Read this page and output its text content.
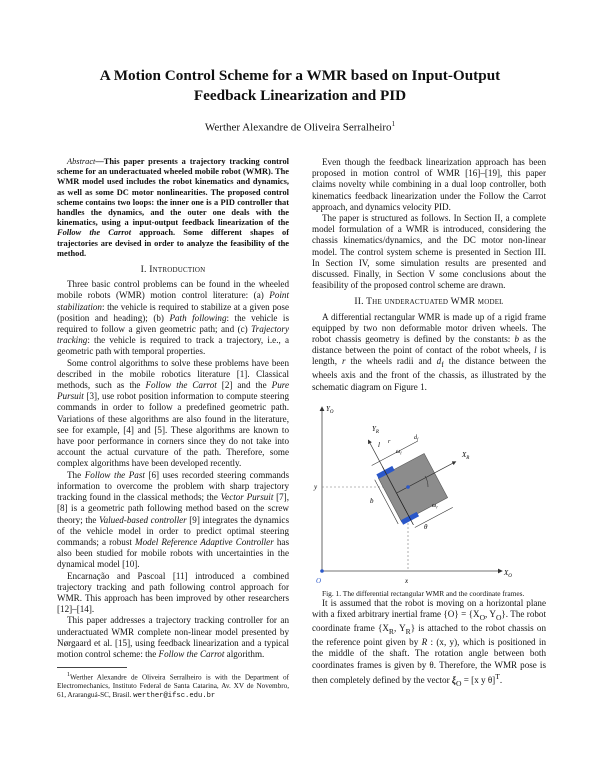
A Motion Control Scheme for a WMR based on Input-Output
Feedback Linearization and PID
Werther Alexandre de Oliveira Serralheiro$^1$

Abstract—This paper presents a trajectory tracking control scheme for an underactuated wheeled mobile robot (WMR). The WMR model used includes the robot kinematics and dynamics, as well as some DC motor nonlinearities. The proposed control scheme contains two loops: the inner one is a PID controller that handles the dynamics, and the outer one deals with the kinematics, using a input-output feedback linearization of the Follow the Carrot approach. Some different shapes of trajectories are devised in order to analyze the feasibility of the method.

I. Introduction

Three basic control problems can be found in the wheeled mobile robots (WMR) motion control literature: (a) Point stabilization: the vehicle is required to stabilize at a given pose (position and heading); (b) Path following: the vehicle is required to follow a given geometric path; and (c) Trajectory tracking: the vehicle is required to track a trajectory, i.e., a geometric path with temporal properties.

Some control algorithms to solve these problems have been described in the mobile robotics literature [1]. Classical methods, such as the Follow the Carrot [2] and the Pure Pursuit [3], use robot position information to compute steering commands in order to follow a predefined geometric path. Variations of these algorithms are also found in the literature, see for example, [4] and [5]. These algorithms are known to have poor performance in corners since they do not take into account the actual curvature of the path. Therefore, some complex algorithms have been developed recently.

The Follow the Past [6] uses recorded steering commands information to overcome the problem with sharp trajectory tracking found in the classical methods; the Vector Pursuit [7], [8] is a geometric path following method based on the screw theory; the Valued-based controller [9] integrates the dynamics of the vehicle model in order to predict optimal steering commands; a robust Model Reference Adaptive Controller has also been studied for mobile robots with uncertainties in the dynamical model [10].

Encarnação and Pascoal [11] introduced a combined trajectory tracking and path following control approach for WMR. This approach has been improved by other researchers [12]–[14].

This paper addresses a trajectory tracking controller for an underactuated WMR complete non-linear model presented by Nørgaard et al. [15], using feedback linearization and a typical motion control scheme: the Follow the Carrot algorithm.

$^1$Werther Alexandre de Oliveira Serralheiro is with the Department of Electromechanics, Instituto Federal de Santa Catarina, Av. XV de Novembro, 61, Araranguá-SC, Brasil. werther@ifsc.edu.br

Even though the feedback linearization approach has been proposed in motion control of WMR [16]–[19], this paper claims novelty while combining in a dual loop controller, both kinematics feedback linearization under the Follow the Carrot approach, and dynamics velocity PID.

The paper is structured as follows. In Section II, a complete model formulation of a WMR is introduced, considering the chassis kinematics/dynamics, and the DC motor non-linear model. The control system scheme is presented in Section III. In Section IV, some simulation results are presented and discussed. Finally, in Section V some conclusions about the feasibility of the proposed control scheme are drawn.

II. The underactuated WMR model

A differential rectangular WMR is made up of a rigid frame equipped by two non deformable motor driven wheels. The robot chassis geometry is defined by the constants: b as the distance between the point of contact of the robot wheels, l is length, r the wheels radii and $d_f$ the distance between the wheels axis and the front of the chassis, as illustrated by the schematic diagram on Figure 1.

$Y_O$
$X_O$
O
y
x
$X_R$
$Y_R$
b
l
$\omega_l$
$\omega_r$
θ
r
$d_f$

Fig. 1. The differential rectangular WMR and the coordinate frames.

It is assumed that the robot is moving on a horizontal plane with a fixed arbitrary inertial frame $\{O\} = \{X_O$, $Y_O$}. The robot coordinate frame {$X_R$, $Y_R$} is attached to the robot chassis on the reference point given by R : (x, y), which is positioned in the middle of the shaft. The rotation angle between both coordinates frames is given by θ. Therefore, the WMR pose is then completely defined by the vector $\xi_O = [x$ y θ]$^T$.
